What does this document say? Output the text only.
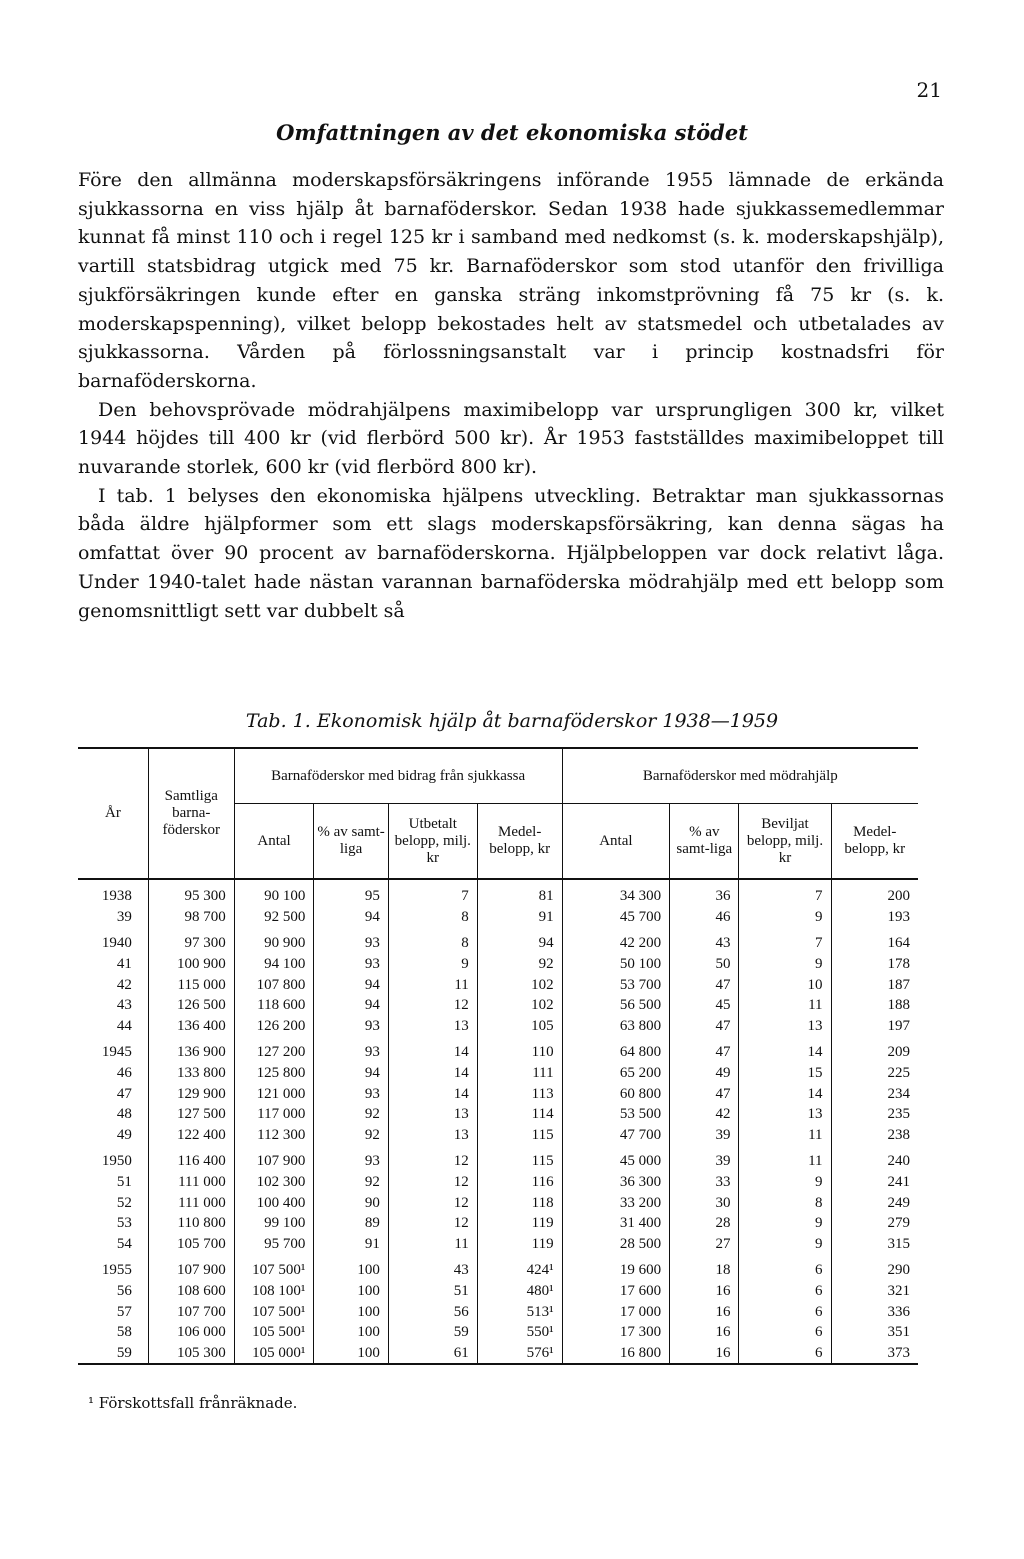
21
Omfattningen av det ekonomiska stödet

Före den allmänna moderskapsförsäkringens införande 1955 lämnade de erkända sjukkassorna en viss hjälp åt barnaföderskor. Sedan 1938 hade sjukkassemedlemmar kunnat få minst 110 och i regel 125 kr i samband med nedkomst (s. k. moderskapshjälp), vartill statsbidrag utgick med 75 kr. Barnaföderskor som stod utanför den frivilliga sjukförsäkringen kunde efter en ganska sträng inkomstprövning få 75 kr (s. k. moderskapspenning), vilket belopp bekostades helt av statsmedel och utbetalades av sjukkassorna. Vården på förlossningsanstalt var i princip kostnadsfri för barnaföderskorna.

Den behovsprövade mödrahjälpens maximibelopp var ursprungligen 300 kr, vilket 1944 höjdes till 400 kr (vid flerbörd 500 kr). År 1953 fastställdes maximibeloppet till nuvarande storlek, 600 kr (vid flerbörd 800 kr).

I tab. 1 belyses den ekonomiska hjälpens utveckling. Betraktar man sjukkassornas båda äldre hjälpformer som ett slags moderskapsförsäkring, kan denna sägas ha omfattat över 90 procent av barnaföderskorna. Hjälpbeloppen var dock relativt låga. Under 1940-talet hade nästan varannan barnaföderska mödrahjälp med ett belopp som genomsnittligt sett var dubbelt så

Tab. 1. Ekonomisk hjälp åt barnaföderskor 1938—1959
År	Samtliga barna-föderskor	Barnaföderskor med bidrag från sjukkassa				Barnaföderskor med mödrahjälp			
		Antal	% av samt-liga	Utbetalt belopp, milj. kr	Medel-belopp, kr	Antal	% av samt-liga	Beviljat belopp, milj. kr	Medel-belopp, kr

1938	95 300	90 100	95	7	81	34 300	36	7	200
39	98 700	92 500	94	8	91	45 700	46	9	193

1940	97 300	90 900	93	8	94	42 200	43	7	164
41	100 900	94 100	93	9	92	50 100	50	9	178
42	115 000	107 800	94	11	102	53 700	47	10	187
43	126 500	118 600	94	12	102	56 500	45	11	188
44	136 400	126 200	93	13	105	63 800	47	13	197

1945	136 900	127 200	93	14	110	64 800	47	14	209
46	133 800	125 800	94	14	111	65 200	49	15	225
47	129 900	121 000	93	14	113	60 800	47	14	234
48	127 500	117 000	92	13	114	53 500	42	13	235
49	122 400	112 300	92	13	115	47 700	39	11	238

1950	116 400	107 900	93	12	115	45 000	39	11	240
51	111 000	102 300	92	12	116	36 300	33	9	241
52	111 000	100 400	90	12	118	33 200	30	8	249
53	110 800	99 100	89	12	119	31 400	28	9	279
54	105 700	95 700	91	11	119	28 500	27	9	315

1955	107 900	107 500¹	100	43	424¹	19 600	18	6	290
56	108 600	108 100¹	100	51	480¹	17 600	16	6	321
57	107 700	107 500¹	100	56	513¹	17 000	16	6	336
58	106 000	105 500¹	100	59	550¹	17 300	16	6	351
59	105 300	105 000¹	100	61	576¹	16 800	16	6	373
¹ Förskottsfall frånräknade.
